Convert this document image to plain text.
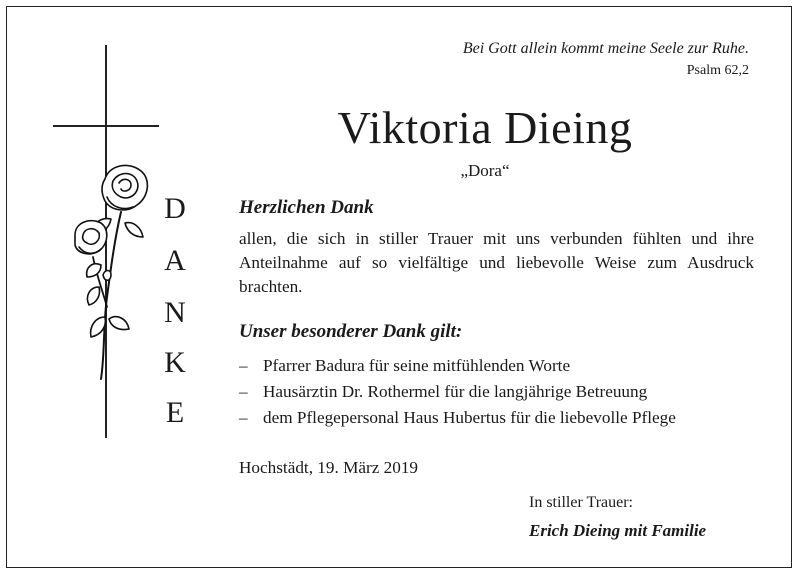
Bei Gott allein kommt meine Seele zur Ruhe.
Psalm 62,2
D
A
N
K
E
Viktoria Dieing
„Dora“
Herzlichen Dank
allen, die sich in stiller Trauer mit uns verbunden fühlten und ihre Anteilnahme auf so vielfältige und liebevolle Weise zum Ausdruck brachten.
Unser besonderer Dank gilt:
– Pfarrer Badura für seine mitfühlenden Worte
– Hausärztin Dr. Rothermel für die langjährige Betreuung
– dem Pflegepersonal Haus Hubertus für die liebevolle Pflege
Hochstädt, 19. März 2019
In stiller Trauer:
Erich Dieing mit Familie
